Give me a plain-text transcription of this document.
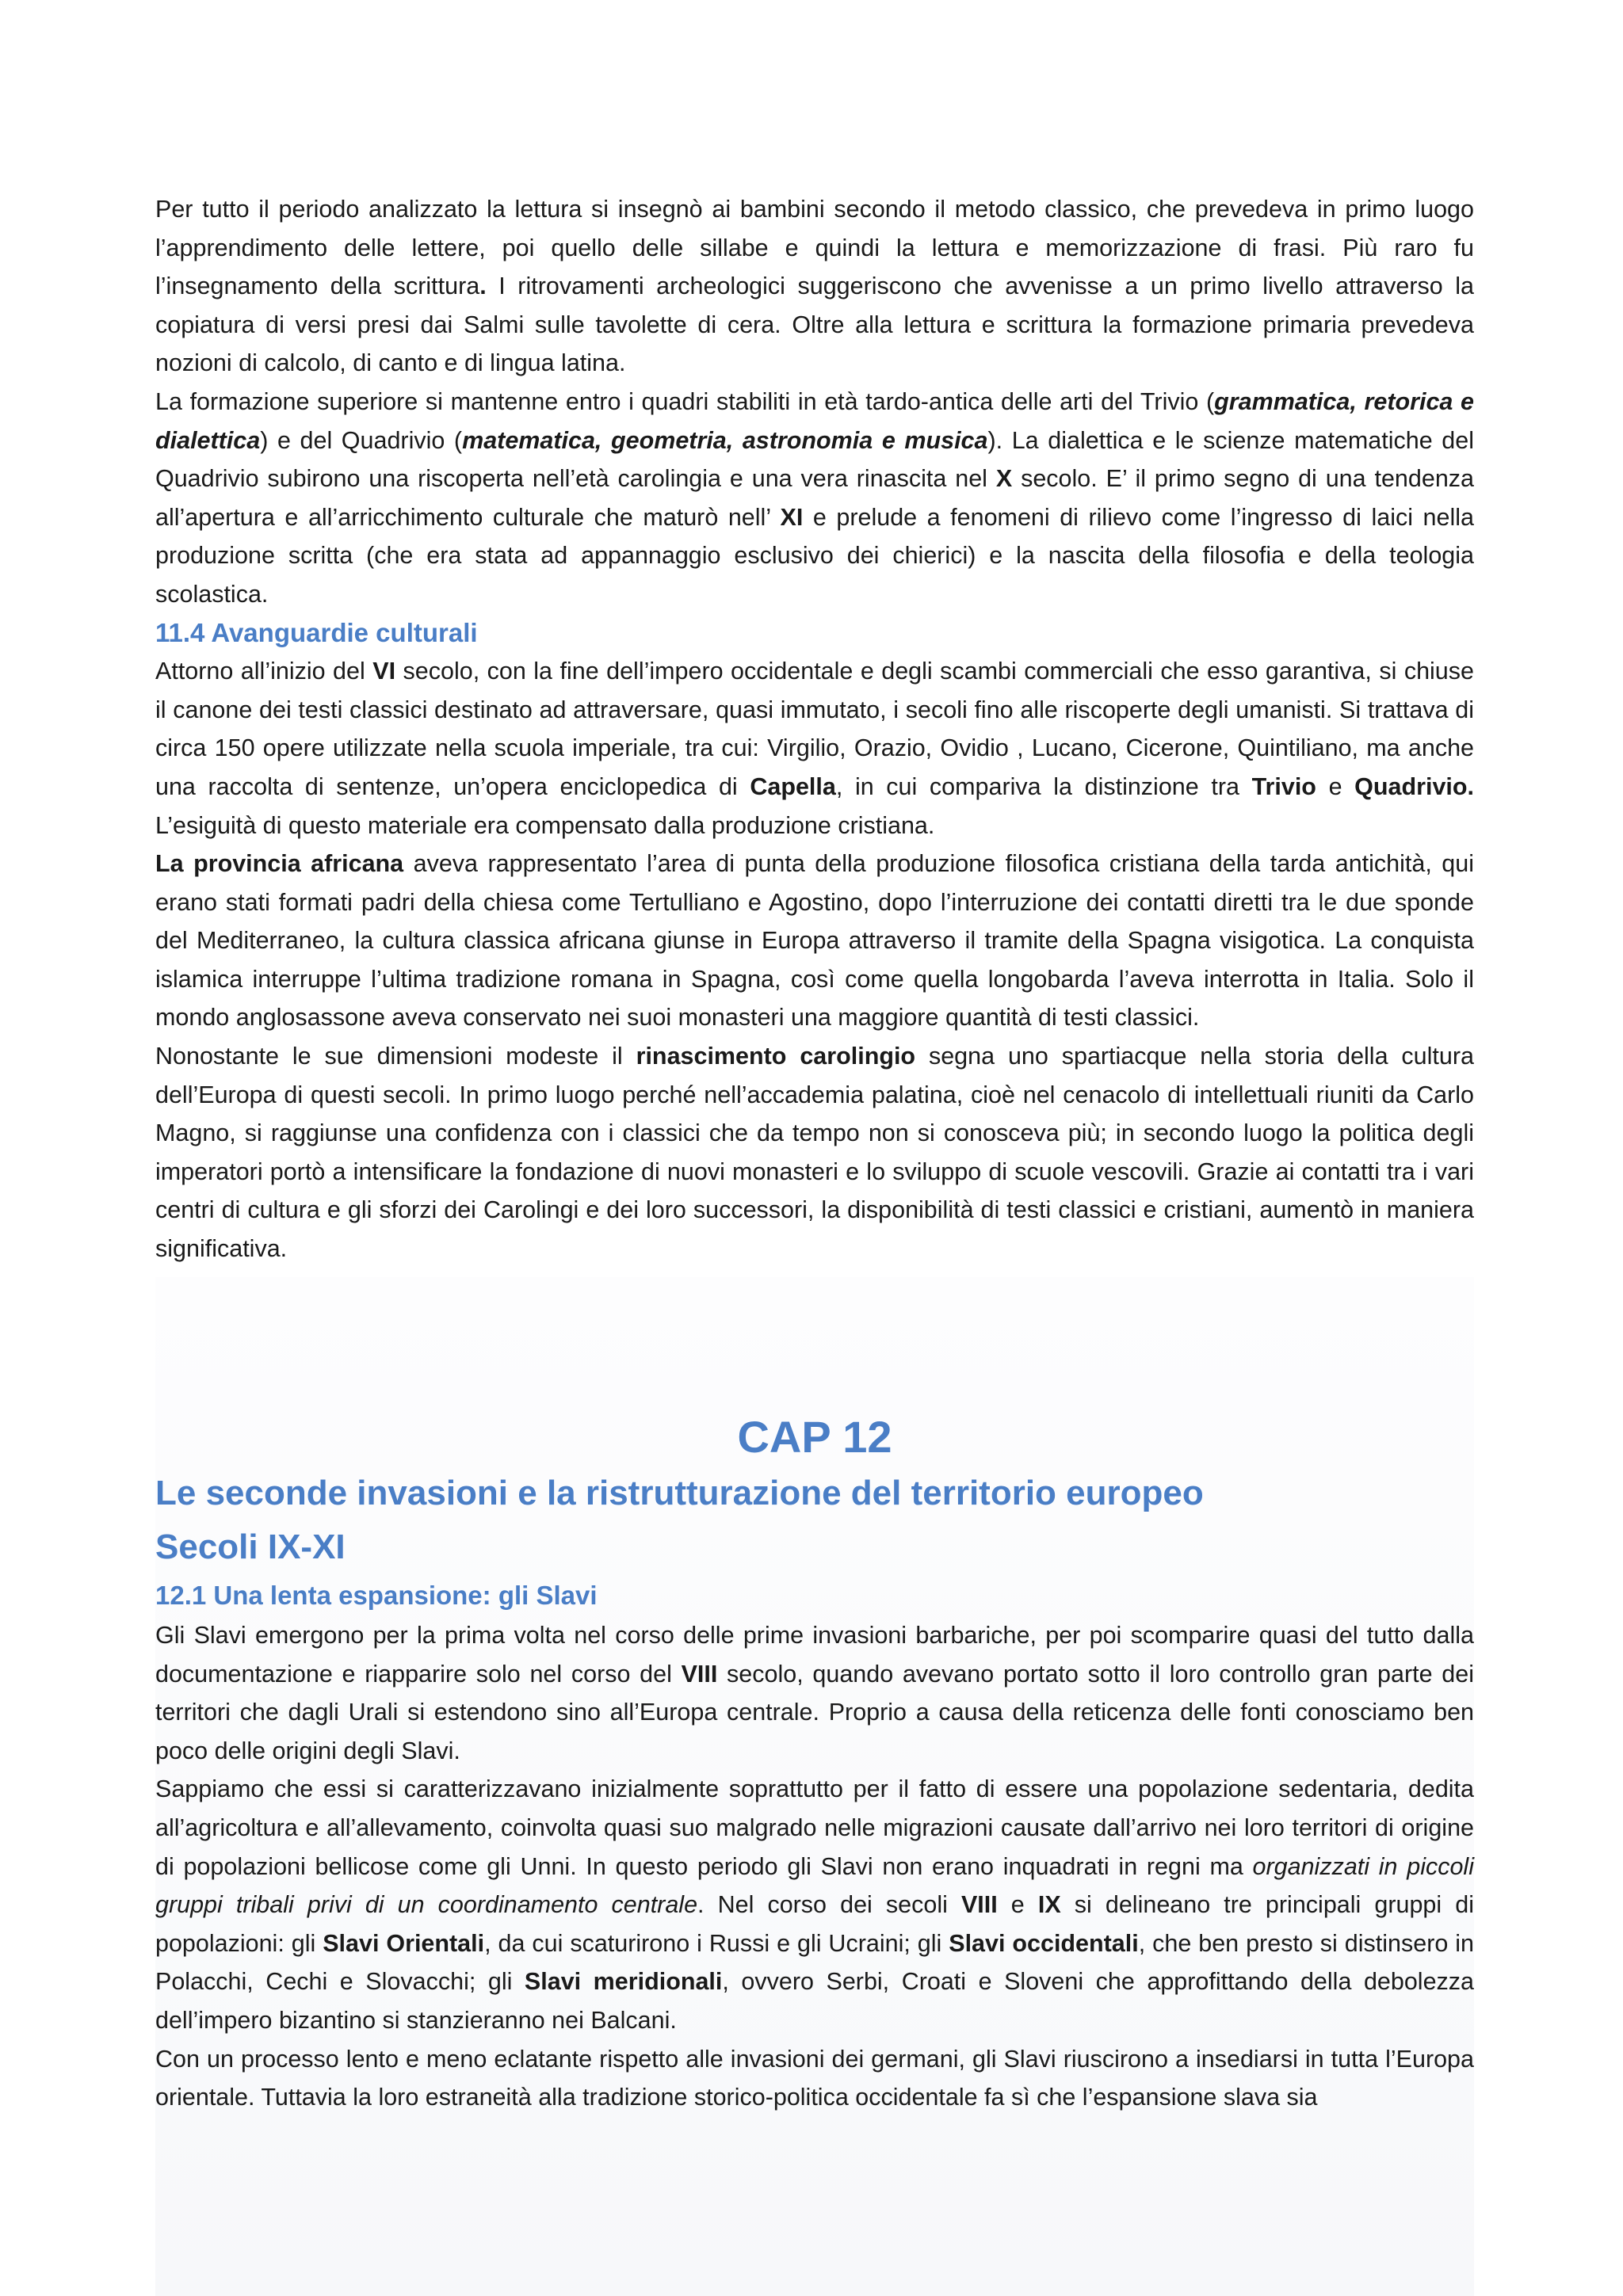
Per tutto il periodo analizzato la lettura si insegnò ai bambini secondo il metodo classico, che prevedeva in primo luogo l’apprendimento delle lettere, poi quello delle sillabe e quindi la lettura e memorizzazione di frasi. Più raro fu l’insegnamento della scrittura. I ritrovamenti archeologici suggeriscono che avvenisse a un primo livello attraverso la copiatura di versi presi dai Salmi sulle tavolette di cera. Oltre alla lettura e scrittura la formazione primaria prevedeva nozioni di calcolo, di canto e di lingua latina.

La formazione superiore si mantenne entro i quadri stabiliti in età tardo-antica delle arti del Trivio (grammatica, retorica e dialettica) e del Quadrivio (matematica, geometria, astronomia e musica). La dialettica e le scienze matematiche del Quadrivio subirono una riscoperta nell’età carolingia e una vera rinascita nel X secolo. E’ il primo segno di una tendenza all’apertura e all’arricchimento culturale che maturò nell’ XI e prelude a fenomeni di rilievo come l’ingresso di laici nella produzione scritta (che era stata ad appannaggio esclusivo dei chierici) e la nascita della filosofia e della teologia scolastica.

11.4 Avanguardie culturali

Attorno all’inizio del VI secolo, con la fine dell’impero occidentale e degli scambi commerciali che esso garantiva, si chiuse il canone dei testi classici destinato ad attraversare, quasi immutato, i secoli fino alle riscoperte degli umanisti. Si trattava di circa 150 opere utilizzate nella scuola imperiale, tra cui: Virgilio, Orazio, Ovidio , Lucano, Cicerone, Quintiliano, ma anche una raccolta di sentenze, un’opera enciclopedica di Capella, in cui compariva la distinzione tra Trivio e Quadrivio. L’esiguità di questo materiale era compensato dalla produzione cristiana.

La provincia africana aveva rappresentato l’area di punta della produzione filosofica cristiana della tarda antichità, qui erano stati formati padri della chiesa come Tertulliano e Agostino, dopo l’interruzione dei contatti diretti tra le due sponde del Mediterraneo, la cultura classica africana giunse in Europa attraverso il tramite della Spagna visigotica. La conquista islamica interruppe l’ultima tradizione romana in Spagna, così come quella longobarda l’aveva interrotta in Italia. Solo il mondo anglosassone aveva conservato nei suoi monasteri una maggiore quantità di testi classici.

Nonostante le sue dimensioni modeste il rinascimento carolingio segna uno spartiacque nella storia della cultura dell’Europa di questi secoli. In primo luogo perché nell’accademia palatina, cioè nel cenacolo di intellettuali riuniti da Carlo Magno, si raggiunse una confidenza con i classici che da tempo non si conosceva più; in secondo luogo la politica degli imperatori portò a intensificare la fondazione di nuovi monasteri e lo sviluppo di scuole vescovili. Grazie ai contatti tra i vari centri di cultura e gli sforzi dei Carolingi e dei loro successori, la disponibilità di testi classici e cristiani, aumentò in maniera significativa.

CAP 12
Le seconde invasioni e la ristrutturazione del territorio europeo
Secoli IX-XI
12.1 Una lenta espansione: gli Slavi

Gli Slavi emergono per la prima volta nel corso delle prime invasioni barbariche, per poi scomparire quasi del tutto dalla documentazione e riapparire solo nel corso del VIII secolo, quando avevano portato sotto il loro controllo gran parte dei territori che dagli Urali si estendono sino all’Europa centrale. Proprio a causa della reticenza delle fonti conosciamo ben poco delle origini degli Slavi.

Sappiamo che essi si caratterizzavano inizialmente soprattutto per il fatto di essere una popolazione sedentaria, dedita all’agricoltura e all’allevamento, coinvolta quasi suo malgrado nelle migrazioni causate dall’arrivo nei loro territori di origine di popolazioni bellicose come gli Unni. In questo periodo gli Slavi non erano inquadrati in regni ma organizzati in piccoli gruppi tribali privi di un coordinamento centrale. Nel corso dei secoli VIII e IX si delineano tre principali gruppi di popolazioni: gli Slavi Orientali, da cui scaturirono i Russi e gli Ucraini; gli Slavi occidentali, che ben presto si distinsero in Polacchi, Cechi e Slovacchi; gli Slavi meridionali, ovvero Serbi, Croati e Sloveni che approfittando della debolezza dell’impero bizantino si stanzieranno nei Balcani.

Con un processo lento e meno eclatante rispetto alle invasioni dei germani, gli Slavi riuscirono a insediarsi in tutta l’Europa orientale. Tuttavia la loro estraneità alla tradizione storico-politica occidentale fa sì che l’espansione slava sia
